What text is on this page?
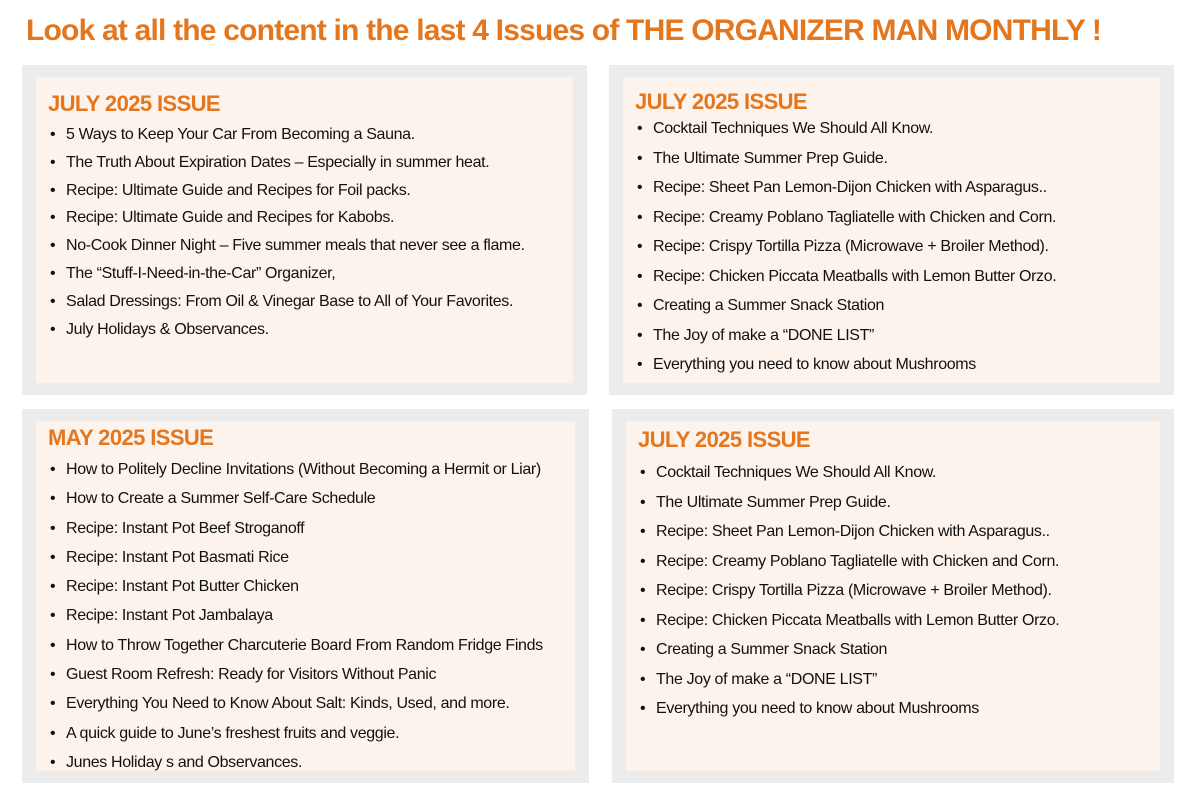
Look at all the content in the last 4 Issues of THE ORGANIZER MAN MONTHLY !
JULY 2025 ISSUE
• 5 Ways to Keep Your Car From Becoming a Sauna.
• The Truth About Expiration Dates – Especially in summer heat.
• Recipe: Ultimate Guide and Recipes for Foil packs.
• Recipe: Ultimate Guide and Recipes for Kabobs.
• No-Cook Dinner Night – Five summer meals that never see a flame.
• The “Stuff-I-Need-in-the-Car” Organizer,
• Salad Dressings: From Oil & Vinegar Base to All of Your Favorites.
• July Holidays & Observances.
JULY 2025 ISSUE
• Cocktail Techniques We Should All Know.
• The Ultimate Summer Prep Guide.
• Recipe: Sheet Pan Lemon-Dijon Chicken with Asparagus..
• Recipe: Creamy Poblano Tagliatelle with Chicken and Corn.
• Recipe: Crispy Tortilla Pizza (Microwave + Broiler Method).
• Recipe: Chicken Piccata Meatballs with Lemon Butter Orzo.
• Creating a Summer Snack Station
• The Joy of make a “DONE LIST”
• Everything you need to know about Mushrooms
MAY 2025 ISSUE
• How to Politely Decline Invitations (Without Becoming a Hermit or Liar)
• How to Create a Summer Self-Care Schedule
• Recipe: Instant Pot Beef Stroganoff
• Recipe: Instant Pot Basmati Rice
• Recipe: Instant Pot Butter Chicken
• Recipe: Instant Pot Jambalaya
• How to Throw Together Charcuterie Board From Random Fridge Finds
• Guest Room Refresh: Ready for Visitors Without Panic
• Everything You Need to Know About Salt: Kinds, Used, and more.
• A quick guide to June’s freshest fruits and veggie.
• Junes Holiday s and Observances.
JULY 2025 ISSUE
• Cocktail Techniques We Should All Know.
• The Ultimate Summer Prep Guide.
• Recipe: Sheet Pan Lemon-Dijon Chicken with Asparagus..
• Recipe: Creamy Poblano Tagliatelle with Chicken and Corn.
• Recipe: Crispy Tortilla Pizza (Microwave + Broiler Method).
• Recipe: Chicken Piccata Meatballs with Lemon Butter Orzo.
• Creating a Summer Snack Station
• The Joy of make a “DONE LIST”
• Everything you need to know about Mushrooms
